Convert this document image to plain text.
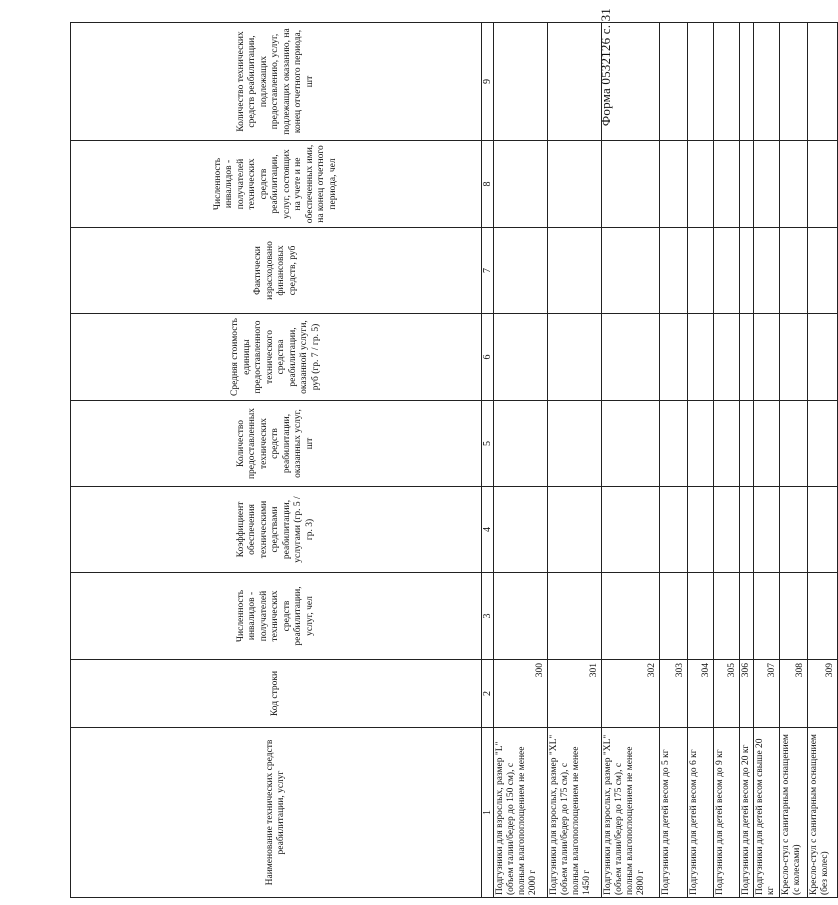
Форма 0532126 с. 31
Наименование технических средств реабилитации, услуг	Код строки	Численность инвалидов - получателей технических средств реабилитации, услуг, чел	Коэффициент обеспечения техническими средствами реабилитации, услугами (гр. 5 / гр. 3)	Количество предоставленных технических средств реабилитации, оказанных услуг, шт	Средняя стоимость единицы предоставленного технического средства реабилитации, оказанной услуги, руб (гр. 7 / гр. 5)	Фактически израсходовано финансовых средств, руб	Численность инвалидов - получателей технических средств реабилитации, услуг, состоящих на учете и не обеспеченных ими, на конец отчетного периода, чел	Количество технических средств реабилитации, подлежащих предоставлению, услуг, подлежащих оказанию, на конец отчетного периода, шт

1	2	3	4	5	6	7	8	9
Подгузники для взрослых, размер "L" (объем талии/бедер до 150 см), с полным влагопоглощением не менее 2000 г	300							
Подгузники для взрослых, размер "XL" (объем талии/бедер до 175 см), с полным влагопоглощением не менее 1450 г	301							
Подгузники для взрослых, размер "XL" (объем талии/бедер до 175 см), с полным влагопоглощением не менее 2800 г	302							
Подгузники для детей весом до 5 кг	303							
Подгузники для детей весом до 6 кг	304							
Подгузники для детей весом до 9 кг	305							
Подгузники для детей весом до 20 кг	306							
Подгузники для детей весом свыше 20 кг	307							
Кресло-стул с санитарным оснащением (с колесами)	308							
Кресло-стул с санитарным оснащением (без колес)	309							
